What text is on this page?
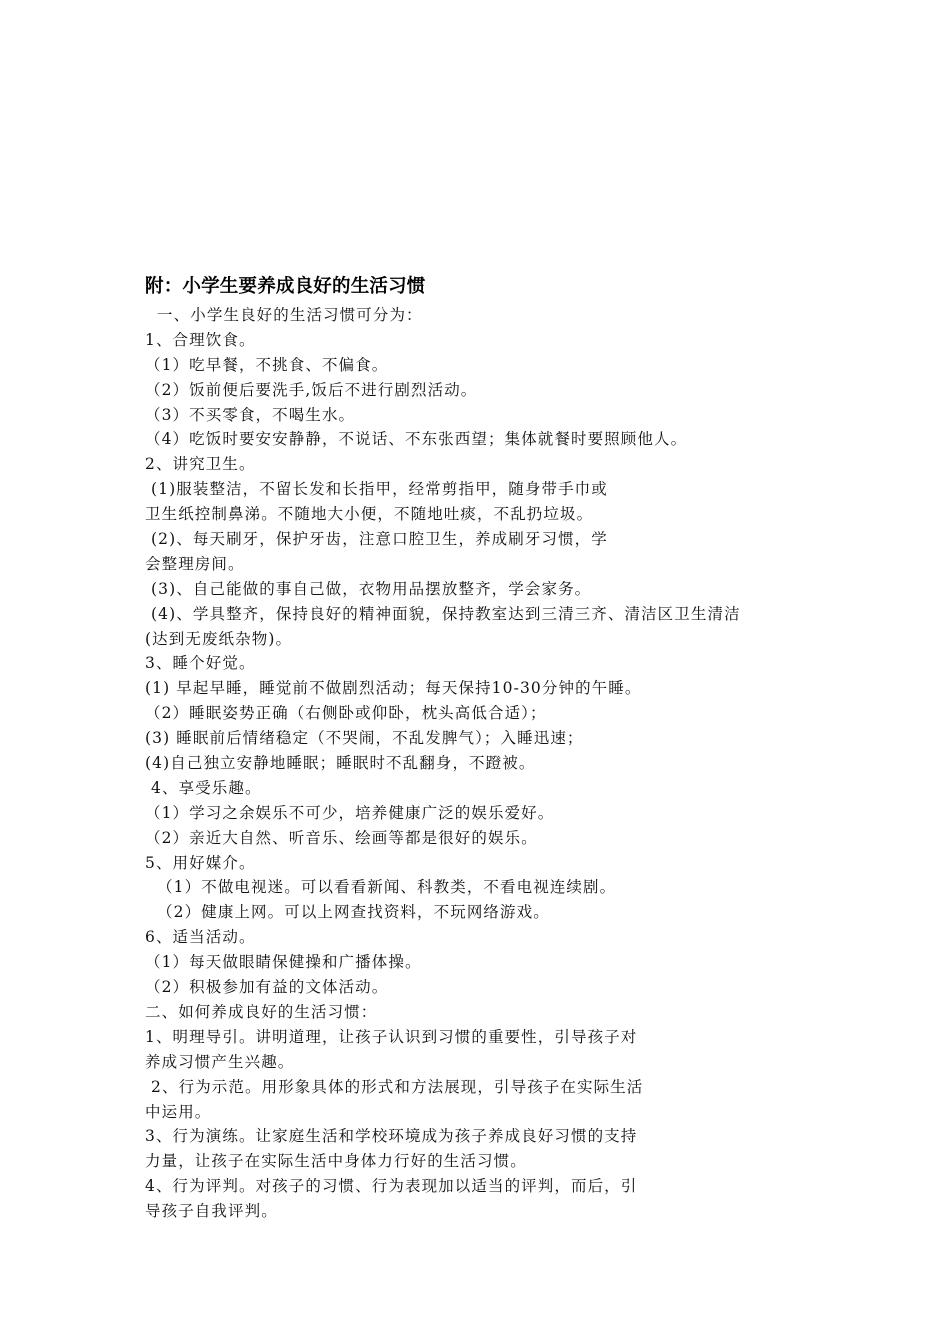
附：小学生要养成良好的生活习惯
一、小学生良好的生活习惯可分为：
1、合理饮食。
（1）吃早餐，不挑食、不偏食。
（2）饭前便后要洗手,饭后不进行剧烈活动。
（3）不买零食，不喝生水。
（4）吃饭时要安安静静，不说话、不东张西望；集体就餐时要照顾他人。
2、讲究卫生。
(1)服装整洁，不留长发和长指甲，经常剪指甲，随身带手巾或
卫生纸控制鼻涕。不随地大小便，不随地吐痰，不乱扔垃圾。
(2)、每天刷牙，保护牙齿，注意口腔卫生，养成刷牙习惯，学
会整理房间。
(3)、自己能做的事自己做，衣物用品摆放整齐，学会家务。
(4)、学具整齐，保持良好的精神面貌，保持教室达到三清三齐、清洁区卫生清洁
(达到无废纸杂物)。
3、睡个好觉。
(1) 早起早睡，睡觉前不做剧烈活动；每天保持10-30分钟的午睡。
（2）睡眠姿势正确（右侧卧或仰卧，枕头高低合适）；
(3) 睡眠前后情绪稳定（不哭闹，不乱发脾气）；入睡迅速；
(4)自己独立安静地睡眠；睡眠时不乱翻身，不蹬被。
4、享受乐趣。
（1）学习之余娱乐不可少，培养健康广泛的娱乐爱好。
（2）亲近大自然、听音乐、绘画等都是很好的娱乐。
5、用好媒介。
（1）不做电视迷。可以看看新闻、科教类，不看电视连续剧。
（2）健康上网。可以上网查找资料，不玩网络游戏。
6、适当活动。
（1）每天做眼睛保健操和广播体操。
（2）积极参加有益的文体活动。
二、如何养成良好的生活习惯：
1、明理导引。讲明道理，让孩子认识到习惯的重要性，引导孩子对
养成习惯产生兴趣。
2、行为示范。用形象具体的形式和方法展现，引导孩子在实际生活
中运用。
3、行为演练。让家庭生活和学校环境成为孩子养成良好习惯的支持
力量，让孩子在实际生活中身体力行好的生活习惯。
4、行为评判。对孩子的习惯、行为表现加以适当的评判，而后，引
导孩子自我评判。
